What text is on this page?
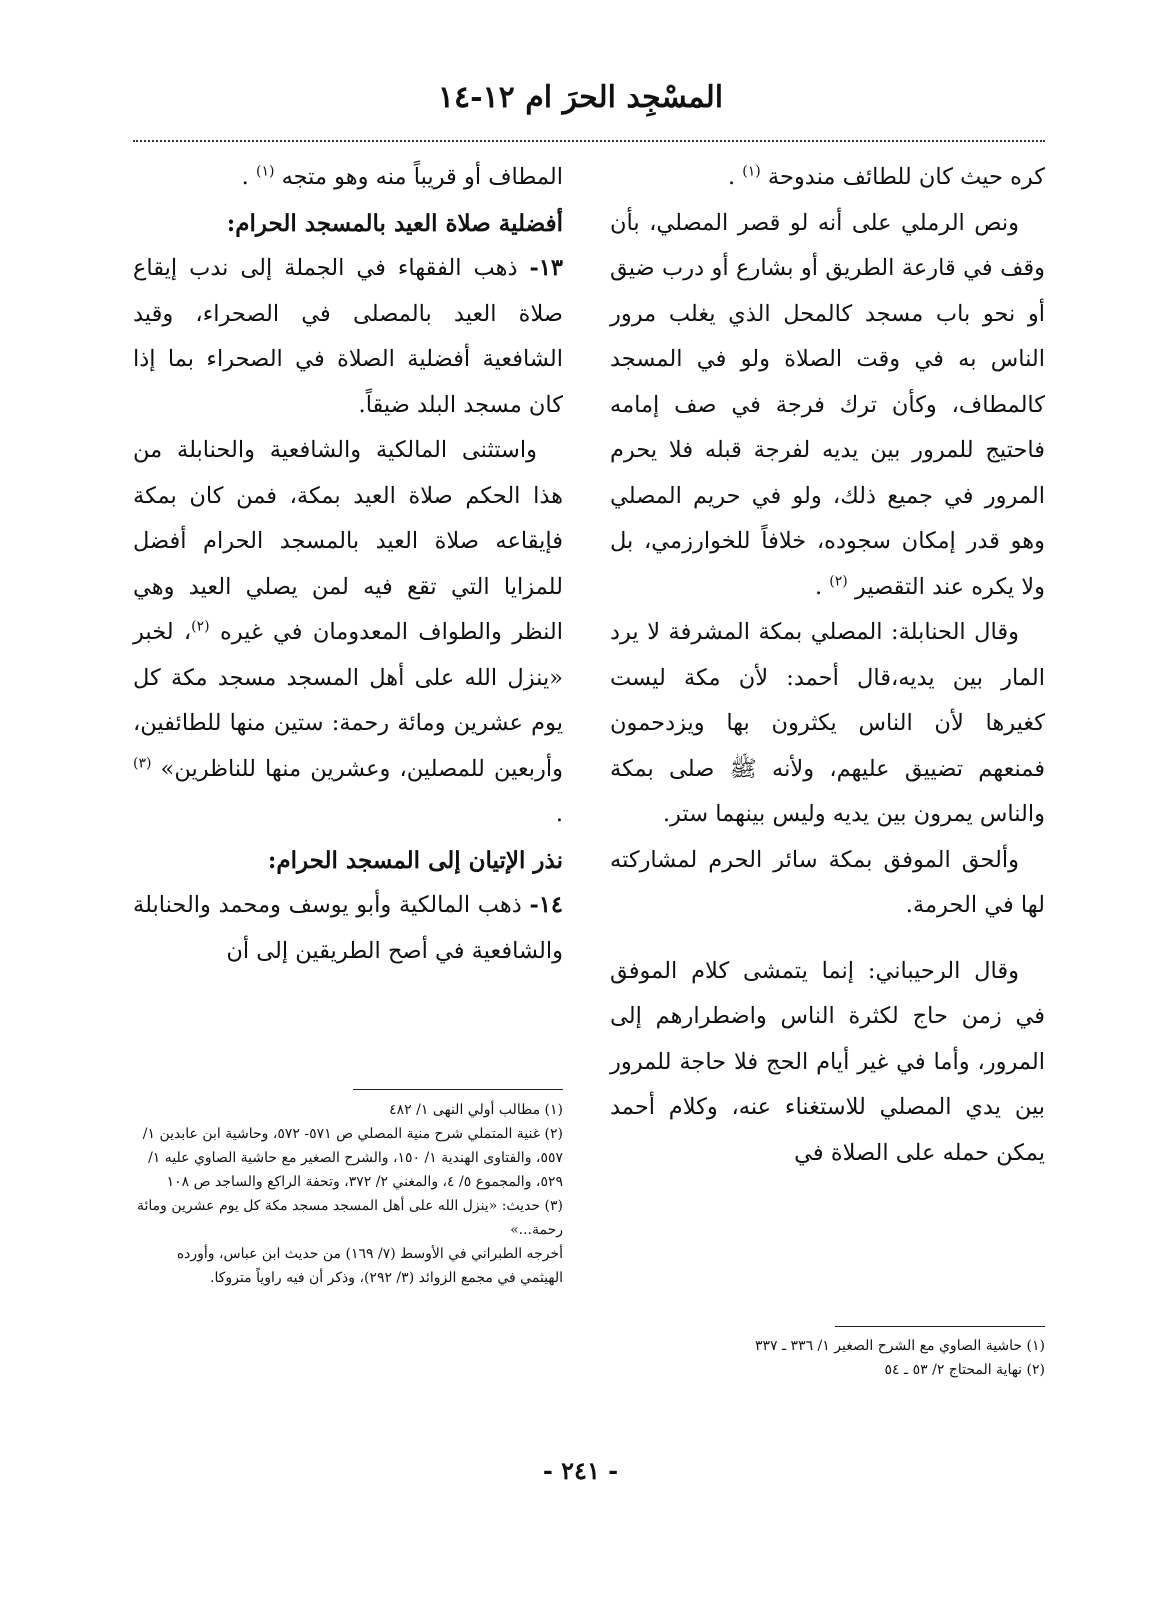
المسْجِد الحرَ ام ١٢-١٤

كره حيث كان للطائف مندوحة $^{(١)}$ .

ونص الرملي على أنه لو قصر المصلي، بأن وقف في قارعة الطريق أو بشارع أو درب ضيق أو نحو باب مسجد كالمحل الذي يغلب مرور الناس به في وقت الصلاة ولو في المسجد كالمطاف، وكأن ترك فرجة في صف إمامه فاحتيج للمرور بين يديه لفرجة قبله فلا يحرم المرور في جميع ذلك، ولو في حريم المصلي وهو قدر إمكان سجوده، خلافاً للخوارزمي، بل ولا يكره عند التقصير $^{(٢)}$ .

وقال الحنابلة: المصلي بمكة المشرفة لا يرد المار بين يديه،قال أحمد: لأن مكة ليست كغيرها لأن الناس يكثرون بها ويزدحمون فمنعهم تضييق عليهم، ولأنه ﷺ صلى بمكة والناس يمرون بين يديه وليس بينهما ستر.

وألحق الموفق بمكة سائر الحرم لمشاركته لها في الحرمة.

وقال الرحيباني: إنما يتمشى كلام الموفق في زمن حاج لكثرة الناس واضطرارهم إلى المرور، وأما في غير أيام الحج فلا حاجة للمرور بين يدي المصلي للاستغناء عنه، وكلام أحمد يمكن حمله على الصلاة في

المطاف أو قريباً منه وهو متجه $^{(١)}$ .

أفضلية صلاة العيد بالمسجد الحرام:

١٣- ذهب الفقهاء في الجملة إلى ندب إيقاع صلاة العيد بالمصلى في الصحراء، وقيد الشافعية أفضلية الصلاة في الصحراء بما إذا كان مسجد البلد ضيقاً.

واستثنى المالكية والشافعية والحنابلة من هذا الحكم صلاة العيد بمكة، فمن كان بمكة فإيقاعه صلاة العيد بالمسجد الحرام أفضل للمزايا التي تقع فيه لمن يصلي العيد وهي النظر والطواف المعدومان في غيره $^{(٢)}$، لخبر «ينزل الله على أهل المسجد مسجد مكة كل يوم عشرين ومائة رحمة: ستين منها للطائفين، وأربعين للمصلين، وعشرين منها للناظرين» $^{(٣)}$ .

نذر الإتيان إلى المسجد الحرام:

١٤- ذهب المالكية وأبو يوسف ومحمد والحنابلة والشافعية في أصح الطريقين إلى أن

(١) مطالب أولي النهى ١/ ٤٨٢

(٢) غنية المتملي شرح منية المصلي ص ٥٧١- ٥٧٢، وحاشية ابن عابدين ١/ ٥٥٧، والفتاوى الهندية ١/ ١٥٠، والشرح الصغير مع حاشية الصاوي عليه ١/ ٥٢٩، والمجموع ٥/ ٤، والمغني ٢/ ٣٧٢، وتحفة الراكع والساجد ص ١٠٨

(٣) حديث: «ينزل الله على أهل المسجد مسجد مكة كل يوم عشرين ومائة رحمة...»

أخرجه الطبراني في الأوسط (٧/ ١٦٩) من حديث ابن عباس، وأورده الهيثمي في مجمع الزوائد (٣/ ٢٩٢)، وذكر أن فيه راوياً متروكا.

(١) حاشية الصاوي مع الشرح الصغير ١/ ٣٣٦ ـ ٣٣٧

(٢) نهاية المحتاج ٢/ ٥٣ ـ ٥٤

- ٢٤١ -
